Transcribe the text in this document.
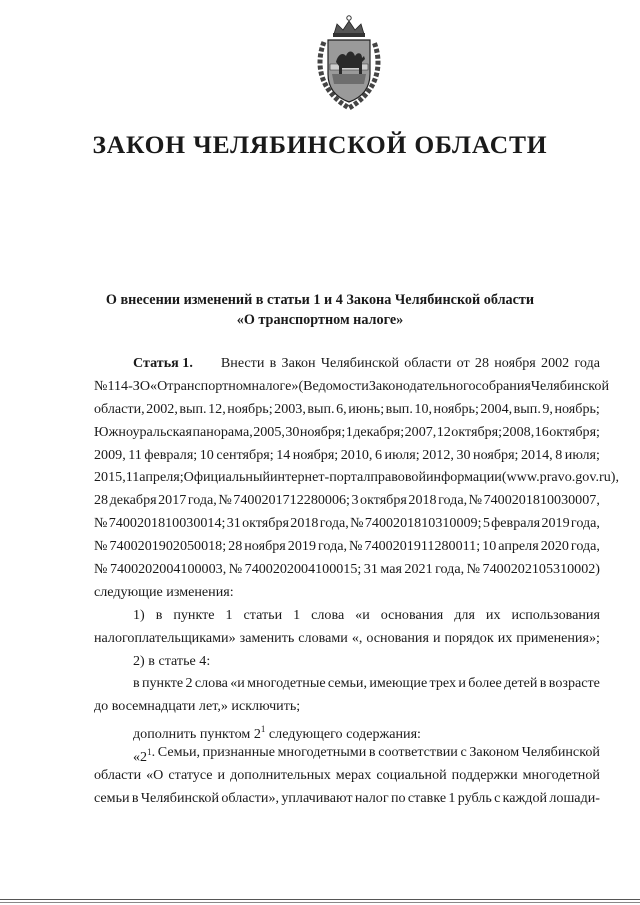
ЗАКОН ЧЕЛЯБИНСКОЙ ОБЛАСТИ
О внесении изменений в статьи 1 и 4 Закона Челябинской области
«О транспортном налоге»
Статья 1.	Внести в Закон Челябинской области от 28 ноября 2002 года
№ 114-ЗО «О транспортном налоге» (Ведомости Законодательного собрания Челябинской
области, 2002, вып. 12, ноябрь; 2003, вып. 6, июнь; вып. 10, ноябрь; 2004, вып. 9, ноябрь;
Южноуральская панорама, 2005, 30 ноября; 1 декабря; 2007, 12 октября; 2008, 16 октября;
2009, 11 февраля; 10 сентября; 14 ноября; 2010, 6 июля; 2012, 30 ноября; 2014, 8 июля;
2015, 11 апреля; Официальный интернет-портал правовой информации (www.pravo.gov.ru),
28 декабря 2017 года, № 7400201712280006; 3 октября 2018 года, № 7400201810030007,
№ 7400201810030014; 31 октября 2018 года, № 7400201810310009; 5 февраля 2019 года,
№ 7400201902050018; 28 ноября 2019 года, № 7400201911280011; 10 апреля 2020 года,
№ 7400202004100003, № 7400202004100015; 31 мая 2021 года, № 7400202105310002)
следующие изменения:
1) в пункте 1 статьи 1 слова «и основания для их использования
налогоплательщиками» заменить словами «, основания и порядок их применения»;
2) в статье 4:
в пункте 2 слова «и многодетные семьи, имеющие трех и более детей в возрасте
до восемнадцати лет,» исключить;
дополнить пунктом $2^1$ следующего содержания:
«$2^1$ . Семьи, признанные многодетными в соответствии с Законом Челябинской
области «О статусе и дополнительных мерах социальной поддержки многодетной
семьи в Челябинской области», уплачивают налог по ставке 1 рубль с каждой лошади-
